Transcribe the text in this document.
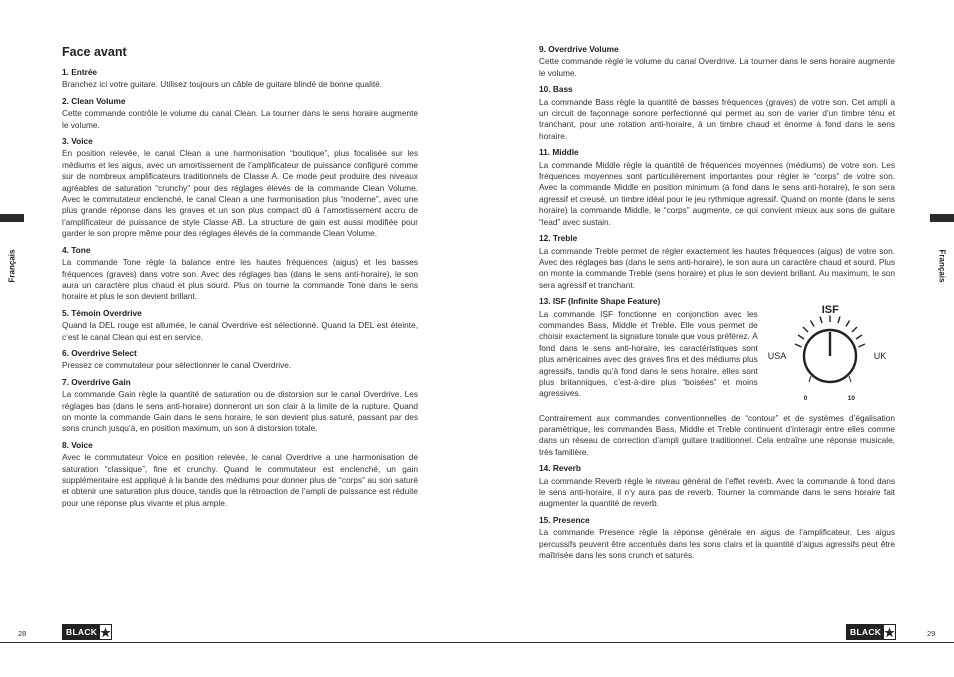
Français
Face avant
1. Entrée

Branchez ici votre guitare. Utilisez toujours un câble de guitare blindé de bonne qualité.

2. Clean Volume

Cette commande contrôle le volume du canal Clean. La tourner dans le sens horaire augmente le volume.

3. Voice

En position relevée, le canal Clean a une harmonisation “boutique”, plus focalisée sur les médiums et les aigus, avec un amortissement de l’amplificateur de puissance configuré comme sur de nombreux amplificateurs traditionnels de Classe A. Ce mode peut produire des niveaux agréables de saturation “crunchy” pour des réglages élevés de la commande Clean Volume. Avec le commutateur enclenché, le canal Clean a une harmonisation plus “moderne”, avec une plus grande réponse dans les graves et un son plus compact dû à l’amortissement accru de l’amplificateur de puissance de style Classe AB. La structure de gain est aussi modifiée pour garder le son propre même pour des réglages élevés de la commande Clean Volume.

4. Tone

La commande Tone règle la balance entre les hautes fréquences (aigus) et les basses fréquences (graves) dans votre son. Avec des réglages bas (dans le sens anti-horaire), le son aura un caractère plus chaud et plus sourd. Plus on tourne la commande Tone dans le sens horaire et plus le son devient brillant.

5. Témoin Overdrive

Quand la DEL rouge est allumée, le canal Overdrive est sélectionné. Quand la DEL est éteinte, c’est le canal Clean qui est en service.

6. Overdrive Select

Pressez ce commutateur pour sélectionner le canal Overdrive.

7. Overdrive Gain

La commande Gain règle la quantité de saturation ou de distorsion sur le canal Overdrive. Les réglages bas (dans le sens anti-horaire) donneront un son clair à la limite de la rupture. Quand on monte la commande Gain dans le sens horaire, le son devient plus saturé, passant par des sons crunch jusqu’à, en position maximum, un son à distorsion totale.

8. Voice

Avec le commutateur Voice en position relevée, le canal Overdrive a une harmonisation de saturation “classique”, fine et crunchy. Quand le commutateur est enclenché, un gain supplémentaire est appliqué à la bande des médiums pour donner plus de “corps” au son saturé et obtenir une saturation plus douce, tandis que la rétroaction de l’ampli de puissance est réduite pour une réponse plus vivante et plus ample.

28	BLACK
Français
9. Overdrive Volume

Cette commande règle le volume du canal Overdrive. La tourner dans le sens horaire augmente le volume.

10. Bass

La commande Bass règle la quantité de basses fréquences (graves) de votre son. Cet ampli a un circuit de façonnage sonore perfectionné qui permet au son de varier d’un timbre ténu et tranchant, pour une rotation anti-horaire, à un timbre chaud et énorme à fond dans le sens horaire.

11. Middle

La commande Middle règle la quantité de fréquences moyennes (médiums) de votre son. Les fréquences moyennes sont particulièrement importantes pour régler le “corps” de votre son. Avec la commande Middle en position minimum (à fond dans le sens anti-horaire), le son sera agressif et creusé, un timbre idéal pour le jeu rythmique agressif. Quand on monte (dans le sens horaire) la commande Middle, le “corps” augmente, ce qui convient mieux aux sons de guitare “lead” avec sustain.

12. Treble

La commande Treble permet de régler exactement les hautes fréquences (aigus) de votre son. Avec des réglages bas (dans le sens anti-horaire), le son aura un caractère chaud et sourd. Plus on monte la commande Treble (sens horaire) et plus le son devient brillant. Au maximum, le son sera agressif et tranchant.

13. ISF (Infinite Shape Feature)

La commande ISF fonctionne en conjonction avec les commandes Bass, Middle et Treble. Elle vous permet de choisir exactement la signature tonale que vous préférez. À fond dans le sens anti-horaire, les caractéristiques sont plus américaines avec des graves fins et des médiums plus agressifs, tandis qu’à fond dans le sens horaire, elles sont plus britanniques, c’est-à-dire plus “boisées” et moins agressives.

ISF
USA	UK
0	10

Contrairement aux commandes conventionnelles de “contour” et de systèmes d’égalisation paramétrique, les commandes Bass, Middle et Treble continuent d’interagir entre elles comme dans un réseau de correction d’ampli guitare traditionnel. Cela entraîne une réponse musicale, très familière.

14. Reverb

La commande Reverb règle le niveau général de l’effet reverb. Avec la commande à fond dans le sens anti-horaire, il n’y aura pas de reverb. Tourner la commande dans le sens horaire fait augmenter la quantité de reverb.

15. Presence

La commande Presence règle la réponse générale en aigus de l’amplificateur. Les aigus percussifs peuvent être accentués dans les sons clairs et la quantité d’aigus agressifs peut être maîtrisée dans les sons crunch et saturés.

29
BLACK
